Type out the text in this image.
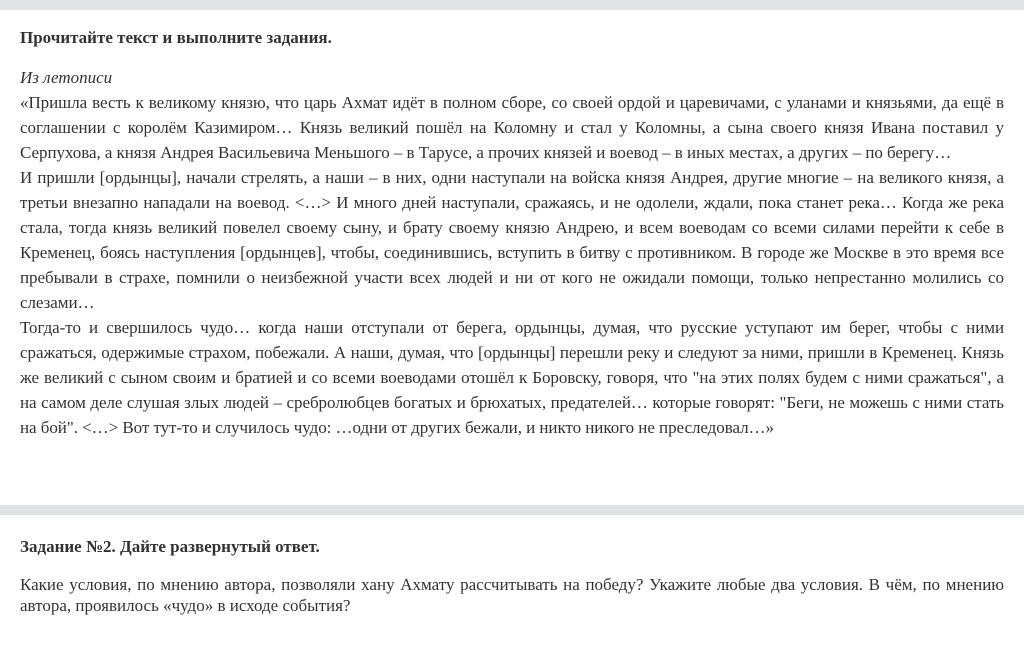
Прочитайте текст и выполните задания.

Из летописи

«Пришла весть к великому князю, что царь Ахмат идёт в полном сборе, со своей ордой и царевичами, с уланами и князьями, да ещё в соглашении с королём Казимиром… Князь великий пошёл на Коломну и стал у Коломны, а сына своего князя Ивана поставил у Серпухова, а князя Андрея Васильевича Меньшого – в Тарусе, а прочих князей и воевод – в иных местах, а других – по берегу…

И пришли [ордынцы], начали стрелять, а наши – в них, одни наступали на войска князя Андрея, другие многие – на великого князя, а третьи внезапно нападали на воевод. <…> И много дней наступали, сражаясь, и не одолели, ждали, пока станет река… Когда же река стала, тогда князь великий повелел своему сыну, и брату своему князю Андрею, и всем воеводам со всеми силами перейти к себе в Кременец, боясь наступления [ордынцев], чтобы, соединившись, вступить в битву с противником. В городе же Москве в это время все пребывали в страхе, помнили о неизбежной участи всех людей и ни от кого не ожидали помощи, только непрестанно молились со слезами…

Тогда-то и свершилось чудо… когда наши отступали от берега, ордынцы, думая, что русские уступают им берег, чтобы с ними сражаться, одержимые страхом, побежали. А наши, думая, что [ордынцы] перешли реку и следуют за ними, пришли в Кременец. Князь же великий с сыном своим и братией и со всеми воеводами отошёл к Боровску, говоря, что "на этих полях будем с ними сражаться", а на самом деле слушая злых людей – сребролюбцев богатых и брюхатых, предателей… которые говорят: "Беги, не можешь с ними стать на бой". <…> Вот тут-то и случилось чудо: …одни от других бежали, и никто никого не преследовал…»

Задание №2. Дайте развернутый ответ.

Какие условия, по мнению автора, позволяли хану Ахмату рассчитывать на победу? Укажите любые два условия. В чём, по мнению автора, проявилось «чудо» в исходе события?
